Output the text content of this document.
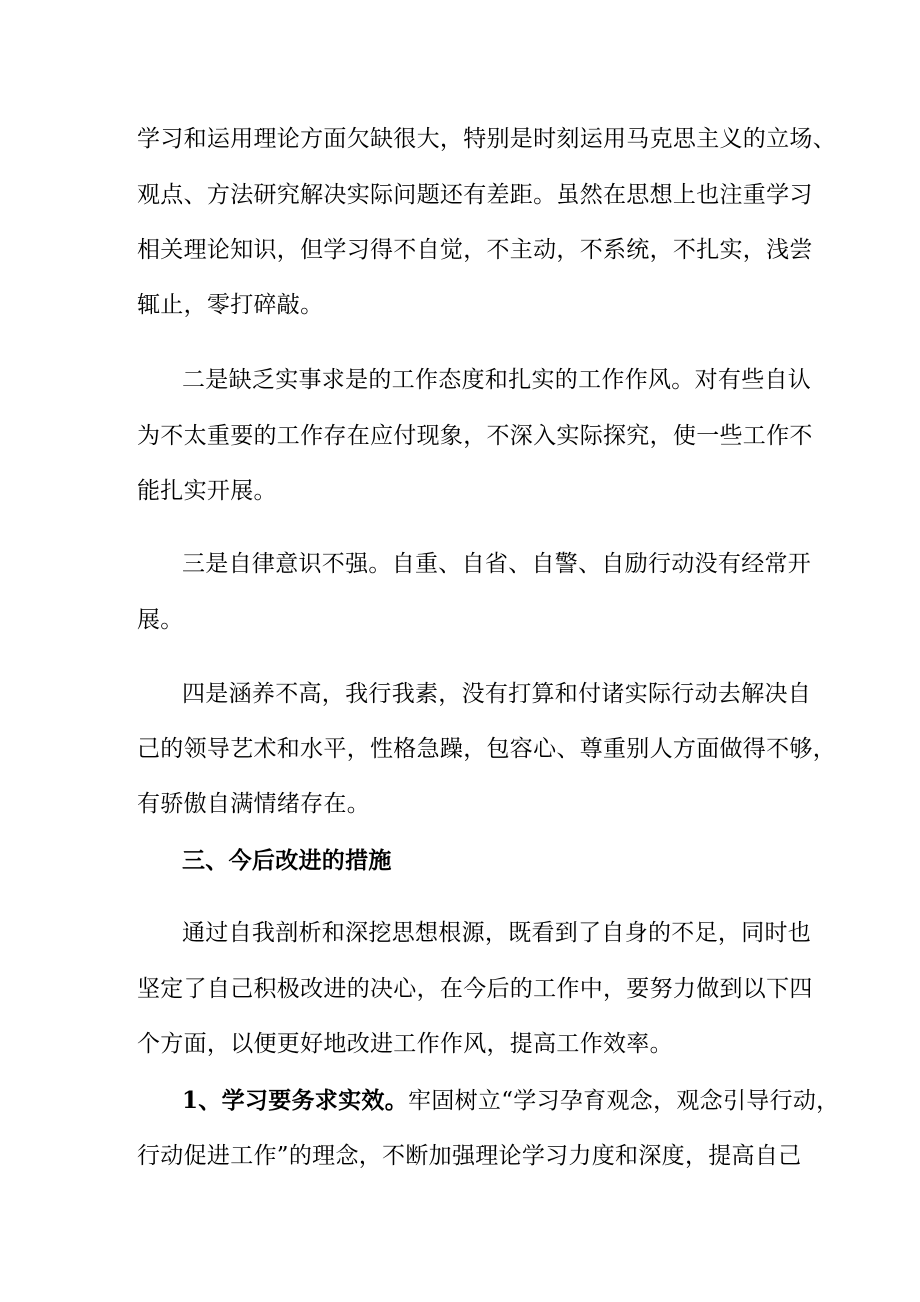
学习和运用理论方面欠缺很大，特别是时刻运用马克思主义的立场、
观点、方法研究解决实际问题还有差距。虽然在思想上也注重学习
相关理论知识，但学习得不自觉，不主动，不系统，不扎实，浅尝
辄止，零打碎敲。
二是缺乏实事求是的工作态度和扎实的工作作风。对有些自认
为不太重要的工作存在应付现象，不深入实际探究，使一些工作不
能扎实开展。
三是自律意识不强。自重、自省、自警、自励行动没有经常开
展。
四是涵养不高，我行我素，没有打算和付诸实际行动去解决自
己的领导艺术和水平，性格急躁，包容心、尊重别人方面做得不够，
有骄傲自满情绪存在。
三、今后改进的措施
通过自我剖析和深挖思想根源，既看到了自身的不足，同时也
坚定了自己积极改进的决心，在今后的工作中，要努力做到以下四
个方面，以便更好地改进工作作风，提高工作效率。
1、学习要务求实效。牢固树立“学习孕育观念，观念引导行动，
行动促进工作”的理念，不断加强理论学习力度和深度，提高自己
